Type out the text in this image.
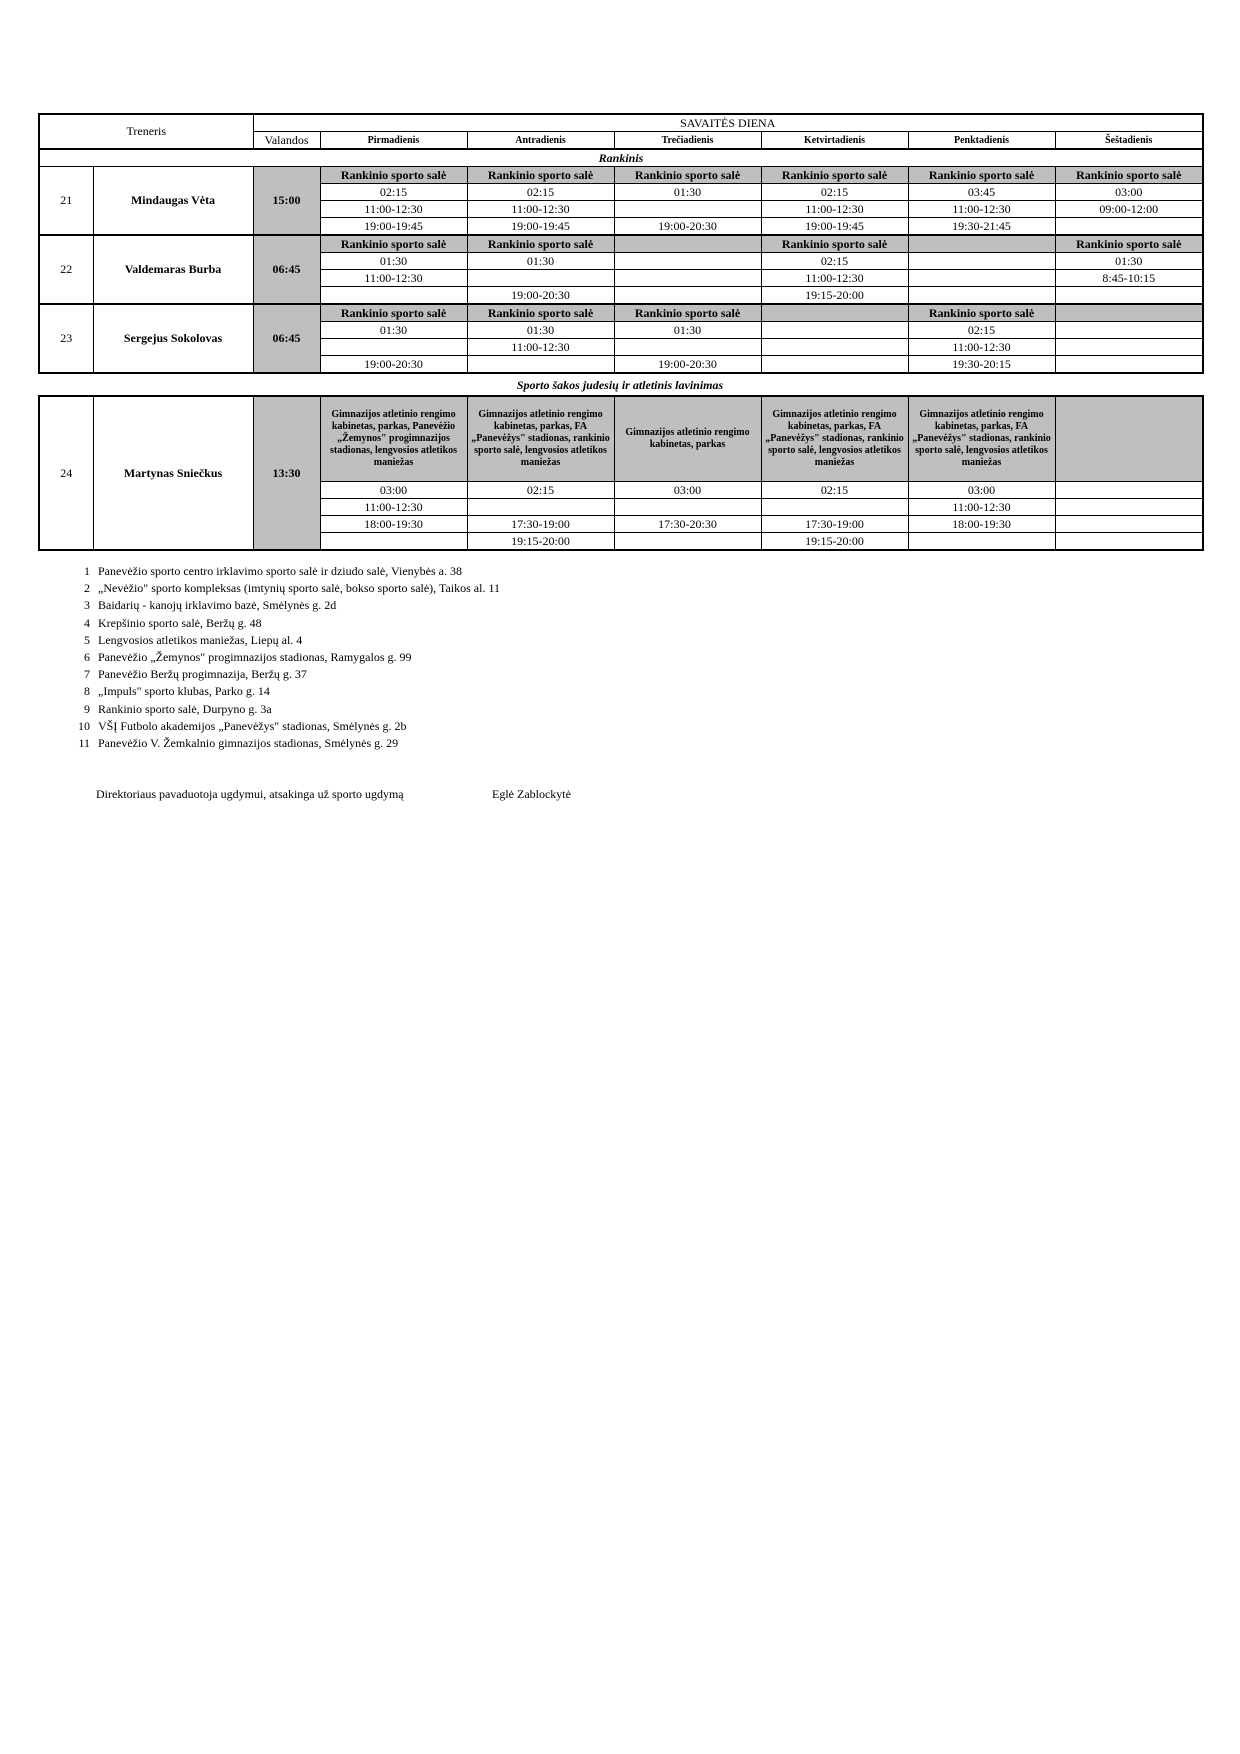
Treneris		SAVAITĖS DIENA						
		Valandos	Pirmadienis	Antradienis	Trečiadienis	Ketvirtadienis	Penktadienis	Šeštadienis
Rankinis								
21	Mindaugas Vėta	15:00	Rankinio sporto salė	Rankinio sporto salė	Rankinio sporto salė	Rankinio sporto salė	Rankinio sporto salė	Rankinio sporto salė
			02:15	02:15	01:30	02:15	03:45	03:00
			11:00-12:30	11:00-12:30		11:00-12:30	11:00-12:30	09:00-12:00
			19:00-19:45	19:00-19:45	19:00-20:30	19:00-19:45	19:30-21:45	
22	Valdemaras Burba	06:45	Rankinio sporto salė	Rankinio sporto salė		Rankinio sporto salė		Rankinio sporto salė
			01:30	01:30		02:15		01:30
			11:00-12:30			11:00-12:30		8:45-10:15
				19:00-20:30		19:15-20:00		
23	Sergejus Sokolovas	06:45	Rankinio sporto salė	Rankinio sporto salė	Rankinio sporto salė		Rankinio sporto salė	
			01:30	01:30	01:30		02:15	
				11:00-12:30			11:00-12:30	
			19:00-20:30		19:00-20:30		19:30-20:15	
24	Martynas Sniečkus	13:30	Gimnazijos atletinio rengimo kabinetas, parkas, Panevėžio „Žemynos" progimnazijos stadionas, lengvosios atletikos maniežas	Gimnazijos atletinio rengimo kabinetas, parkas, FA „Panevėžys" stadionas, rankinio sporto salė, lengvosios atletikos maniežas	Gimnazijos atletinio rengimo kabinetas, parkas	Gimnazijos atletinio rengimo kabinetas, parkas, FA „Panevėžys" stadionas, rankinio sporto salė, lengvosios atletikos maniežas	Gimnazijos atletinio rengimo kabinetas, parkas, FA „Panevėžys" stadionas, rankinio sporto salė, lengvosios atletikos maniežas	
			03:00	02:15	03:00	02:15	03:00	
			11:00-12:30				11:00-12:30	
			18:00-19:30	17:30-19:00	17:30-20:30	17:30-19:00	18:00-19:30	
				19:15-20:00		19:15-20:00		
Sporto šakos judesių ir atletinis lavinimas
1 Panevėžio sporto centro irklavimo sporto salė ir dziudo salė, Vienybės a. 38
2 „Nevėžio" sporto kompleksas (imtynių sporto salė, bokso sporto salė), Taikos al. 11
3 Baidarių - kanojų irklavimo bazė, Smėlynės g. 2d
4 Krepšinio sporto salė, Beržų g. 48
5 Lengvosios atletikos maniežas, Liepų al. 4
6 Panevėžio „Žemynos" progimnazijos stadionas, Ramygalos g. 99
7 Panevėžio Beržų progimnazija, Beržų g. 37
8 „Impuls" sporto klubas, Parko g. 14
9 Rankinio sporto salė, Durpyno g. 3a
10 VŠĮ Futbolo akademijos „Panevėžys" stadionas, Smėlynės g. 2b
11 Panevėžio V. Žemkalnio gimnazijos stadionas, Smėlynės g. 29
Direktoriaus pavaduotoja ugdymui, atsakinga už sporto ugdymą	Eglė Zablockytė
